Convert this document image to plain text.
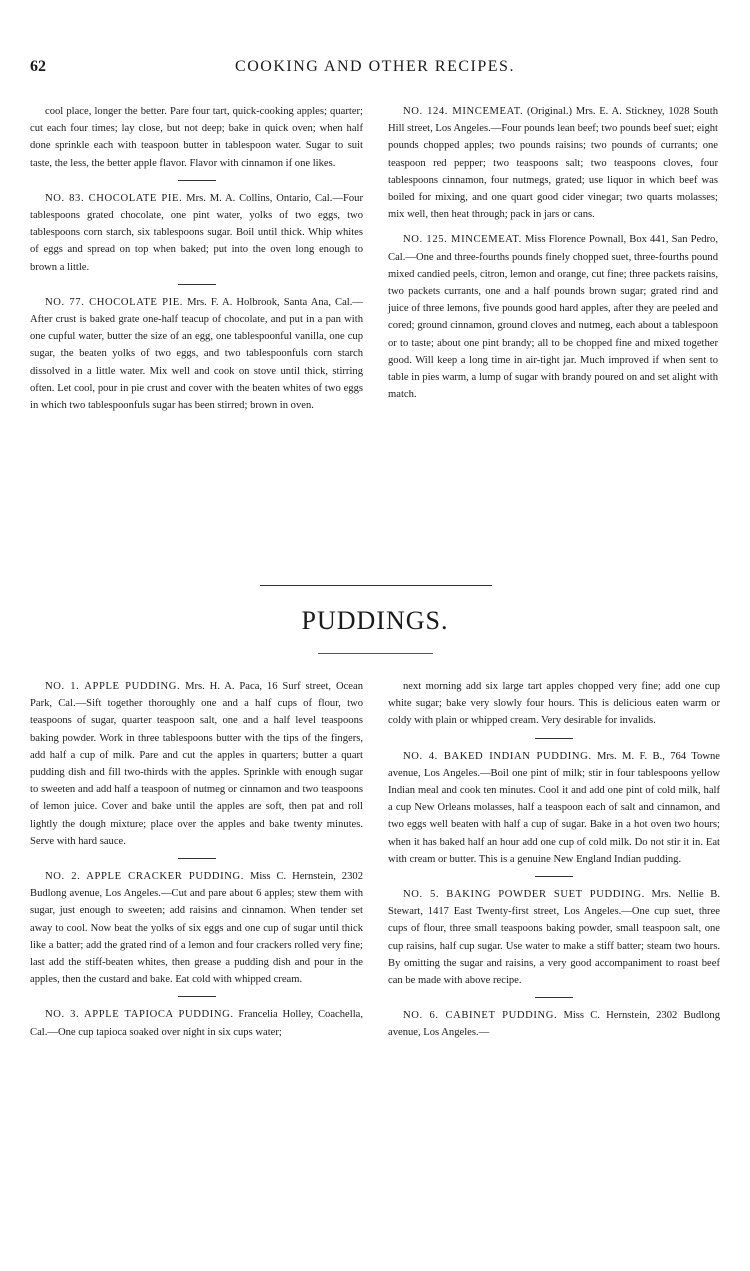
62	COOKING AND OTHER RECIPES.

cool place, longer the better. Pare four tart, quick-cooking apples; quarter; cut each four times; lay close, but not deep; bake in quick oven; when half done sprinkle each with teaspoon butter in tablespoon water. Sugar to suit taste, the less, the better apple flavor. Flavor with cinnamon if one likes.

NO. 83. CHOCOLATE PIE. Mrs. M. A. Collins, Ontario, Cal.—Four tablespoons grated chocolate, one pint water, yolks of two eggs, two tablespoons corn starch, six tablespoons sugar. Boil until thick. Whip whites of eggs and spread on top when baked; put into the oven long enough to brown a little.

NO. 77. CHOCOLATE PIE. Mrs. F. A. Holbrook, Santa Ana, Cal.—After crust is baked grate one-half teacup of chocolate, and put in a pan with one cupful water, butter the size of an egg, one tablespoonful vanilla, one cup sugar, the beaten yolks of two eggs, and two tablespoonfuls corn starch dissolved in a little water. Mix well and cook on stove until thick, stirring often. Let cool, pour in pie crust and cover with the beaten whites of two eggs in which two tablespoonfuls sugar has been stirred; brown in oven.

NO. 124. MINCEMEAT. (Original.) Mrs. E. A. Stickney, 1028 South Hill street, Los Angeles.—Four pounds lean beef; two pounds beef suet; eight pounds chopped apples; two pounds raisins; two pounds of currants; one teaspoon red pepper; two teaspoons salt; two teaspoons cloves, four tablespoons cinnamon, four nutmegs, grated; use liquor in which beef was boiled for mixing, and one quart good cider vinegar; two quarts molasses; mix well, then heat through; pack in jars or cans.

NO. 125. MINCEMEAT. Miss Florence Pownall, Box 441, San Pedro, Cal.—One and three-fourths pounds finely chopped suet, three-fourths pound mixed candied peels, citron, lemon and orange, cut fine; three packets raisins, two packets currants, one and a half pounds brown sugar; grated rind and juice of three lemons, five pounds good hard apples, after they are peeled and cored; ground cinnamon, ground cloves and nutmeg, each about a tablespoon or to taste; about one pint brandy; all to be chopped fine and mixed together good. Will keep a long time in air-tight jar. Much improved if when sent to table in pies warm, a lump of sugar with brandy poured on and set alight with match.

PUDDINGS.

NO. 1. APPLE PUDDING. Mrs. H. A. Paca, 16 Surf street, Ocean Park, Cal.—Sift together thoroughly one and a half cups of flour, two teaspoons of sugar, quarter teaspoon salt, one and a half level teaspoons baking powder. Work in three tablespoons butter with the tips of the fingers, add half a cup of milk. Pare and cut the apples in quarters; butter a quart pudding dish and fill two-thirds with the apples. Sprinkle with enough sugar to sweeten and add half a teaspoon of nutmeg or cinnamon and two teaspoons of lemon juice. Cover and bake until the apples are soft, then pat and roll lightly the dough mixture; place over the apples and bake twenty minutes. Serve with hard sauce.

NO. 2. APPLE CRACKER PUDDING. Miss C. Hernstein, 2302 Budlong avenue, Los Angeles.—Cut and pare about 6 apples; stew them with sugar, just enough to sweeten; add raisins and cinnamon. When tender set away to cool. Now beat the yolks of six eggs and one cup of sugar until thick like a batter; add the grated rind of a lemon and four crackers rolled very fine; last add the stiff-beaten whites, then grease a pudding dish and pour in the apples, then the custard and bake. Eat cold with whipped cream.

NO. 3. APPLE TAPIOCA PUDDING. Francelia Holley, Coachella, Cal.—One cup tapioca soaked over night in six cups water;

next morning add six large tart apples chopped very fine; add one cup white sugar; bake very slowly four hours. This is delicious eaten warm or coldy with plain or whipped cream. Very desirable for invalids.

NO. 4. BAKED INDIAN PUDDING. Mrs. M. F. B., 764 Towne avenue, Los Angeles.—Boil one pint of milk; stir in four tablespoons yellow Indian meal and cook ten minutes. Cool it and add one pint of cold milk, half a cup New Orleans molasses, half a teaspoon each of salt and cinnamon, and two eggs well beaten with half a cup of sugar. Bake in a hot oven two hours; when it has baked half an hour add one cup of cold milk. Do not stir it in. Eat with cream or butter. This is a genuine New England Indian pudding.

NO. 5. BAKING POWDER SUET PUDDING. Mrs. Nellie B. Stewart, 1417 East Twenty-first street, Los Angeles.—One cup suet, three cups of flour, three small teaspoons baking powder, small teaspoon salt, one cup raisins, half cup sugar. Use water to make a stiff batter; steam two hours. By omitting the sugar and raisins, a very good accompaniment to roast beef can be made with above recipe.

NO. 6. CABINET PUDDING. Miss C. Hernstein, 2302 Budlong avenue, Los Angeles.—
